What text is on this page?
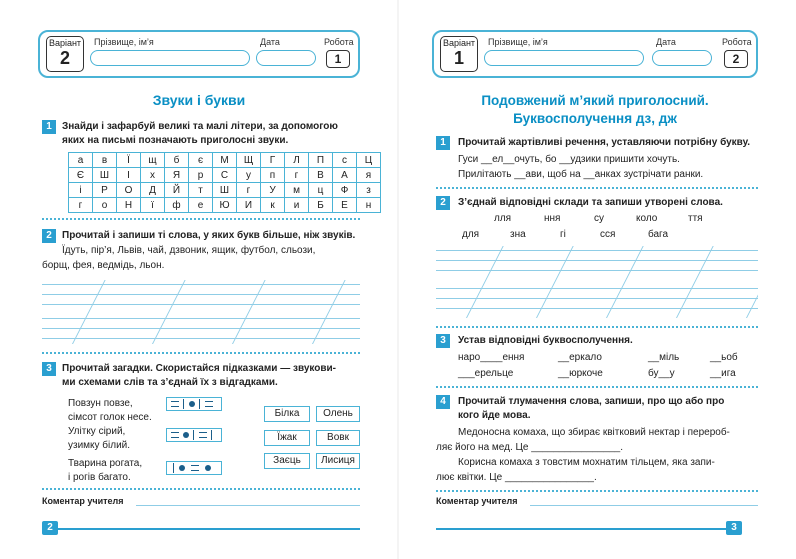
Варіант
2
Прізвище, ім’я	Дата	Робота
1
Звуки і букви
1	Знайди і зафарбуй великі та малі літери, за допомогою
яких на письмі позначають приголосні звуки.
а	в	Ї	щ	б	є	М	Щ	Г	Л	П	с	Ц
Є	Ш	І	х	Я	р	С	у	п	г	В	А	я
і	Р	О	Д	Й	т	Ш	г	У	м	ц	Ф	з
г	о	Н	ї	ф	е	Ю	И	к	и	Б	Е	н
2	Прочитай і запиши ті слова, у яких букв більше, ніж звуків.
Їдуть, пір’я, Львів, чай, дзвоник, ящик, футбол, сльози,
борщ, фея, ведмідь, льон.
3	Прочитай загадки. Скористайся підказками — звукови-
ми схемами слів та з’єднай їх з відгадками.
Повзун повзе,
сімсот голок несе.
Улітку сірий,
узимку білий.
Тварина рогата,
і рогів багато.
Білка	Олень
Їжак	Вовк
Заєць	Лисиця
Коментар учителя
2
Варіант
1
Прізвище, ім’я	Дата	Робота
2
Подовжений м’який приголосний.
Буквосполучення дз, дж
1	Прочитай жартівливі речення, уставляючи потрібну букву.
Гуси __ел__очуть, бо __удзики пришити хочуть.
Прилітають __ави, щоб на __анках зустрічати ранки.
2	З’єднай відповідні склади та запиши утворені слова.
лля	ння	су	коло	ття
для	зна	гі	сся	бага
3	Устав відповідні буквосполучення.
наро____ення	__еркало	__міль	__ьоб
___ерельце	__юркоче	бу__у	__ига
4	Прочитай тлумачення слова, запиши, про що або про
кого йде мова.
Медоносна комаха, що збирає квітковий нектар і перероб-
ляє його на мед. Це ________________.
Корисна комаха з товстим мохнатим тільцем, яка запи-
лює квітки. Це ________________.
Коментар учителя
3
